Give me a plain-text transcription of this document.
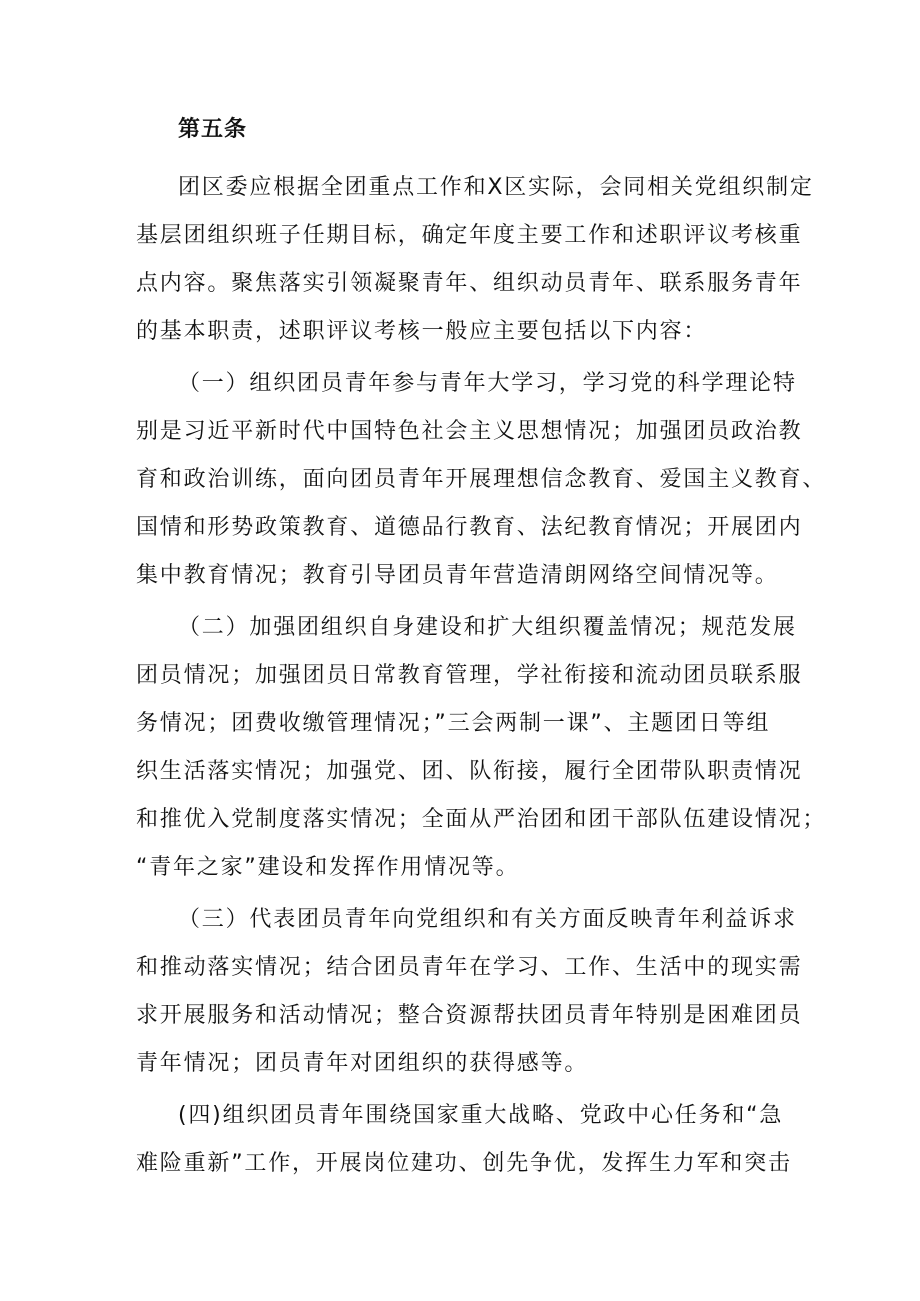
第五条
团区委应根据全团重点工作和X区实际，会同相关党组织制定
基层团组织班子任期目标，确定年度主要工作和述职评议考核重
点内容。聚焦落实引领凝聚青年、组织动员青年、联系服务青年
的基本职责，述职评议考核一般应主要包括以下内容：
（一）组织团员青年参与青年大学习，学习党的科学理论特
别是习近平新时代中国特色社会主义思想情况；加强团员政治教
育和政治训练，面向团员青年开展理想信念教育、爱国主义教育、
国情和形势政策教育、道德品行教育、法纪教育情况；开展团内
集中教育情况；教育引导团员青年营造清朗网络空间情况等。
（二）加强团组织自身建设和扩大组织覆盖情况；规范发展
团员情况；加强团员日常教育管理，学社衔接和流动团员联系服
务情况；团费收缴管理情况；”三会两制一课”、主题团日等组
织生活落实情况；加强党、团、队衔接，履行全团带队职责情况
和推优入党制度落实情况；全面从严治团和团干部队伍建设情况；
“青年之家”建设和发挥作用情况等。
（三）代表团员青年向党组织和有关方面反映青年利益诉求
和推动落实情况；结合团员青年在学习、工作、生活中的现实需
求开展服务和活动情况；整合资源帮扶团员青年特别是困难团员
青年情况；团员青年对团组织的获得感等。
(四)组织团员青年围绕国家重大战略、党政中心任务和“急
难险重新”工作，开展岗位建功、创先争优，发挥生力军和突击
